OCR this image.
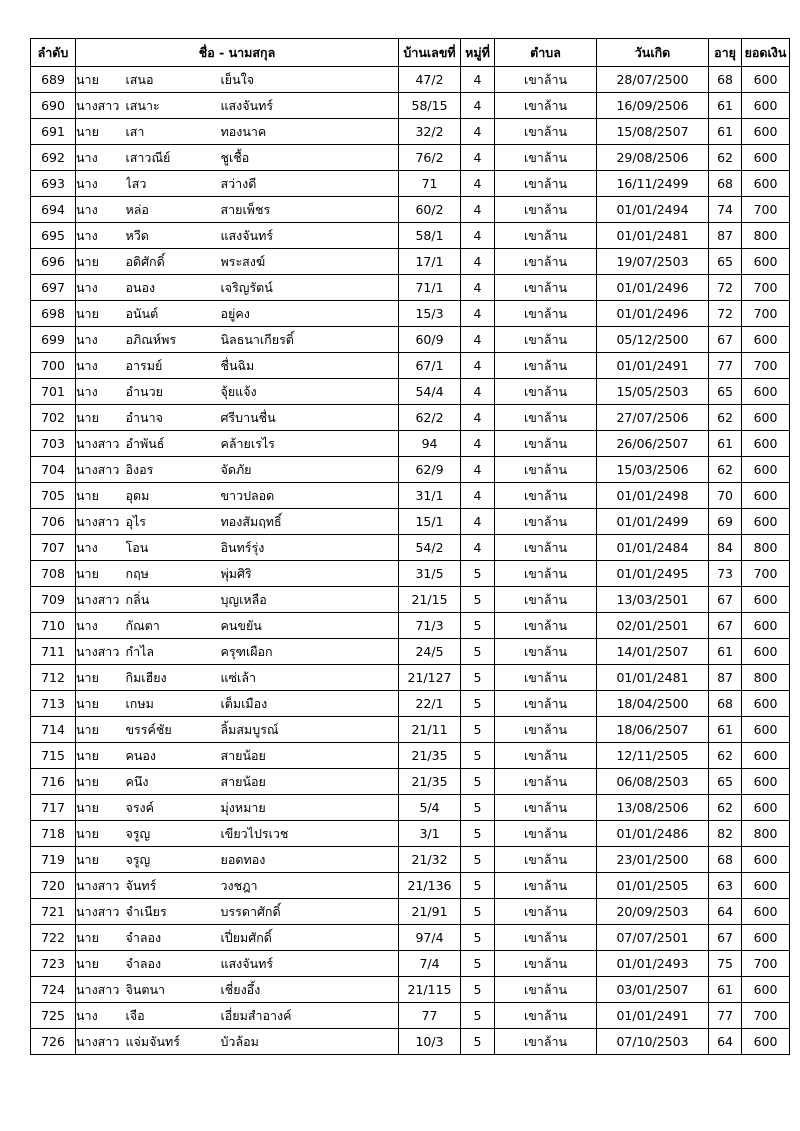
ลำดับ	ชื่อ - นามสกุล			บ้านเลขที่	หมู่ที่	ตำบล	วันเกิด	อายุ	ยอดเงิน
689	นาย	เสนอ	เย็นใจ	47/2	4	เขาล้าน	28/07/2500	68	600
690	นางสาว	เสนาะ	แสงจันทร์	58/15	4	เขาล้าน	16/09/2506	61	600
691	นาย	เสา	ทองนาค	32/2	4	เขาล้าน	15/08/2507	61	600
692	นาง	เสาวณีย์	ชูเชื้อ	76/2	4	เขาล้าน	29/08/2506	62	600
693	นาง	ไสว	สว่างดี	71	4	เขาล้าน	16/11/2499	68	600
694	นาง	หล่อ	สายเพ็ชร	60/2	4	เขาล้าน	01/01/2494	74	700
695	นาง	หวีด	แสงจันทร์	58/1	4	เขาล้าน	01/01/2481	87	800
696	นาย	อดิศักดิ์	พระสงฆ์	17/1	4	เขาล้าน	19/07/2503	65	600
697	นาง	อนอง	เจริญรัตน์	71/1	4	เขาล้าน	01/01/2496	72	700
698	นาย	อนันต์	อยู่คง	15/3	4	เขาล้าน	01/01/2496	72	700
699	นาง	อภิณห์พร	นิลธนาเกียรติ์	60/9	4	เขาล้าน	05/12/2500	67	600
700	นาง	อารมย์	ชื่นฉิม	67/1	4	เขาล้าน	01/01/2491	77	700
701	นาง	อำนวย	จุ้ยแจ้ง	54/4	4	เขาล้าน	15/05/2503	65	600
702	นาย	อำนาจ	ศรีบานชื่น	62/2	4	เขาล้าน	27/07/2506	62	600
703	นางสาว	อำพันธ์	คล้ายเรไร	94	4	เขาล้าน	26/06/2507	61	600
704	นางสาว	อิงอร	จัดภัย	62/9	4	เขาล้าน	15/03/2506	62	600
705	นาย	อุดม	ขาวปลอด	31/1	4	เขาล้าน	01/01/2498	70	600
706	นางสาว	อุไร	ทองสัมฤทธิ์	15/1	4	เขาล้าน	01/01/2499	69	600
707	นาง	โอน	อินทร์รุ่ง	54/2	4	เขาล้าน	01/01/2484	84	800
708	นาย	กฤษ	พุ่มศิริ	31/5	5	เขาล้าน	01/01/2495	73	700
709	นางสาว	กลิ่น	บุญเหลือ	21/15	5	เขาล้าน	13/03/2501	67	600
710	นาง	กัณตา	คนขยัน	71/3	5	เขาล้าน	02/01/2501	67	600
711	นางสาว	กำไล	ครุฑเผือก	24/5	5	เขาล้าน	14/01/2507	61	600
712	นาย	กิมเฮียง	แซ่เล้า	21/127	5	เขาล้าน	01/01/2481	87	800
713	นาย	เกษม	เต็มเมือง	22/1	5	เขาล้าน	18/04/2500	68	600
714	นาย	ขรรค์ชัย	ลิ้มสมบูรณ์	21/11	5	เขาล้าน	18/06/2507	61	600
715	นาย	คนอง	สายน้อย	21/35	5	เขาล้าน	12/11/2505	62	600
716	นาย	คนึง	สายน้อย	21/35	5	เขาล้าน	06/08/2503	65	600
717	นาย	จรงค์	มุ่งหมาย	5/4	5	เขาล้าน	13/08/2506	62	600
718	นาย	จรูญ	เขียวไปรเวช	3/1	5	เขาล้าน	01/01/2486	82	800
719	นาย	จรูญ	ยอดทอง	21/32	5	เขาล้าน	23/01/2500	68	600
720	นางสาว	จันทร์	วงชฎา	21/136	5	เขาล้าน	01/01/2505	63	600
721	นางสาว	จำเนียร	บรรดาศักดิ์	21/91	5	เขาล้าน	20/09/2503	64	600
722	นาย	จำลอง	เปี่ยมศักดิ์	97/4	5	เขาล้าน	07/07/2501	67	600
723	นาย	จำลอง	แสงจันทร์	7/4	5	เขาล้าน	01/01/2493	75	700
724	นางสาว	จินตนา	เชี่ยงอึ้ง	21/115	5	เขาล้าน	03/01/2507	61	600
725	นาง	เจือ	เอี่ยมสำอางค์	77	5	เขาล้าน	01/01/2491	77	700
726	นางสาว	แจ่มจันทร์	บัวล้อม	10/3	5	เขาล้าน	07/10/2503	64	600
